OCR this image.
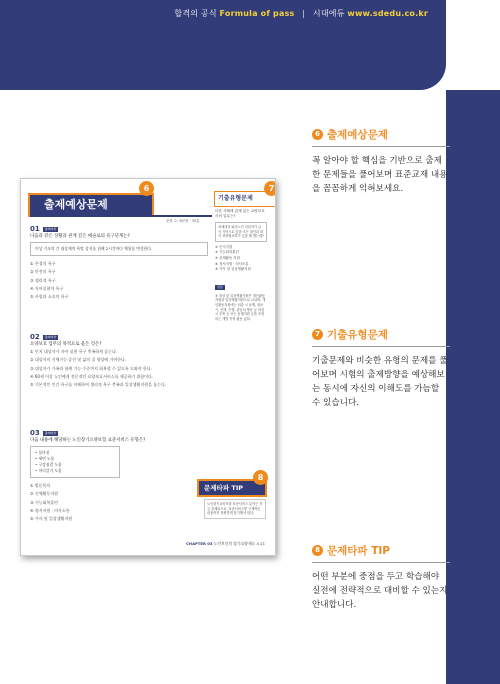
합격의 공식 Formula of pass | 시대에듀 www.sdedu.co.kr
출제예상문제
6
문항 수: 8문항 · 30분
01 출제예상
다음과 같은 상황과 관계 깊은 매슬로의 욕구단계는?
이상 기오의 간 대상재의 욕망 상지를 위해 2시간마다 체위를 변경한다.
① 존경의 욕구
② 안전의 욕구
③ 생리적 욕구
④ 자아실현의 욕구
⑤ 사랑과 소속의 욕구
02 출제예상
요양보호 업무의 목적으로 옳은 것은?
① 인지 대상자가 자아 실현 욕구 충족하게 돕는다.
② 대상자의 신체기능 증진 및 삶의 질 향상에 기여한다.
③ 대상자가 가족과 함께 기능 수준까지 회복할 수 있도록 도와야 한다.
④ 60세 이상 노인에게 전문적인 요양보호서비스를 제공하기 위함이다.
⑤ 기본적인 인간 욕구를 이해하여 생리적 욕구 충족과 일상생활지원을 돕는다.
03 출제예상
다음 내용에 해당하는 노인장기요양보험 표준서비스 유형은?
• 물마심
• 세면 도움
• 구강청결 도움
• 머리감기 도움
① 방문목욕
② 신체활동지원
③ 기능회복훈련
④ 정서지원 · 의사소통
⑤ 가사 및 일상생활지원
기출유형문제
7
다음 사례에 관계 있는 요양보호사의 업무는?
치매대상 와상노인 의심자가 급식 식탁으로 앉을 모든 대인과 회식 표현협조하기 등을 해 했는데?
① 인지지원
② 기능회복훈련
③ 신체활동 지원
④ 정서지원 · 의사소통
⑤ 가사 및 일상생활지원
정답
⑤ 대상 및 일상생활지원은 개인활동지원과 일상생활지원으로 나뉘며, 개인활동지원에는 외출 시 동행, 장보기, 산책, 은행, 관공서 방문 등 외출 시 부축 등 또는 동행지원 등을 포함되는 개별 목적 활동 있다.
문제타파 TIP
8
노인장기요양보험 표준서비스 분야는 자주 출제되므로, 표준서비스별 구체적인 내용까지 정확하게 암기해야 한다.
CHAPTER 03 노인보건의 장기요양제도 4 21
6 출제예상문제
꼭 알아야 할 핵심을 기반으로 출제한 문제들을 풀어보며 표준교재 내용을 꼼꼼하게 익혀보세요.
7 기출유형문제
기출문제와 비슷한 유형의 문제를 풀어보며 시험의 출제방향을 예상해보는 동시에 자신의 이해도를 가늠할 수 있습니다.
8 문제타파 TIP
어떤 부분에 중점을 두고 학습해야 실전에 전략적으로 대비할 수 있는지 안내합니다.
